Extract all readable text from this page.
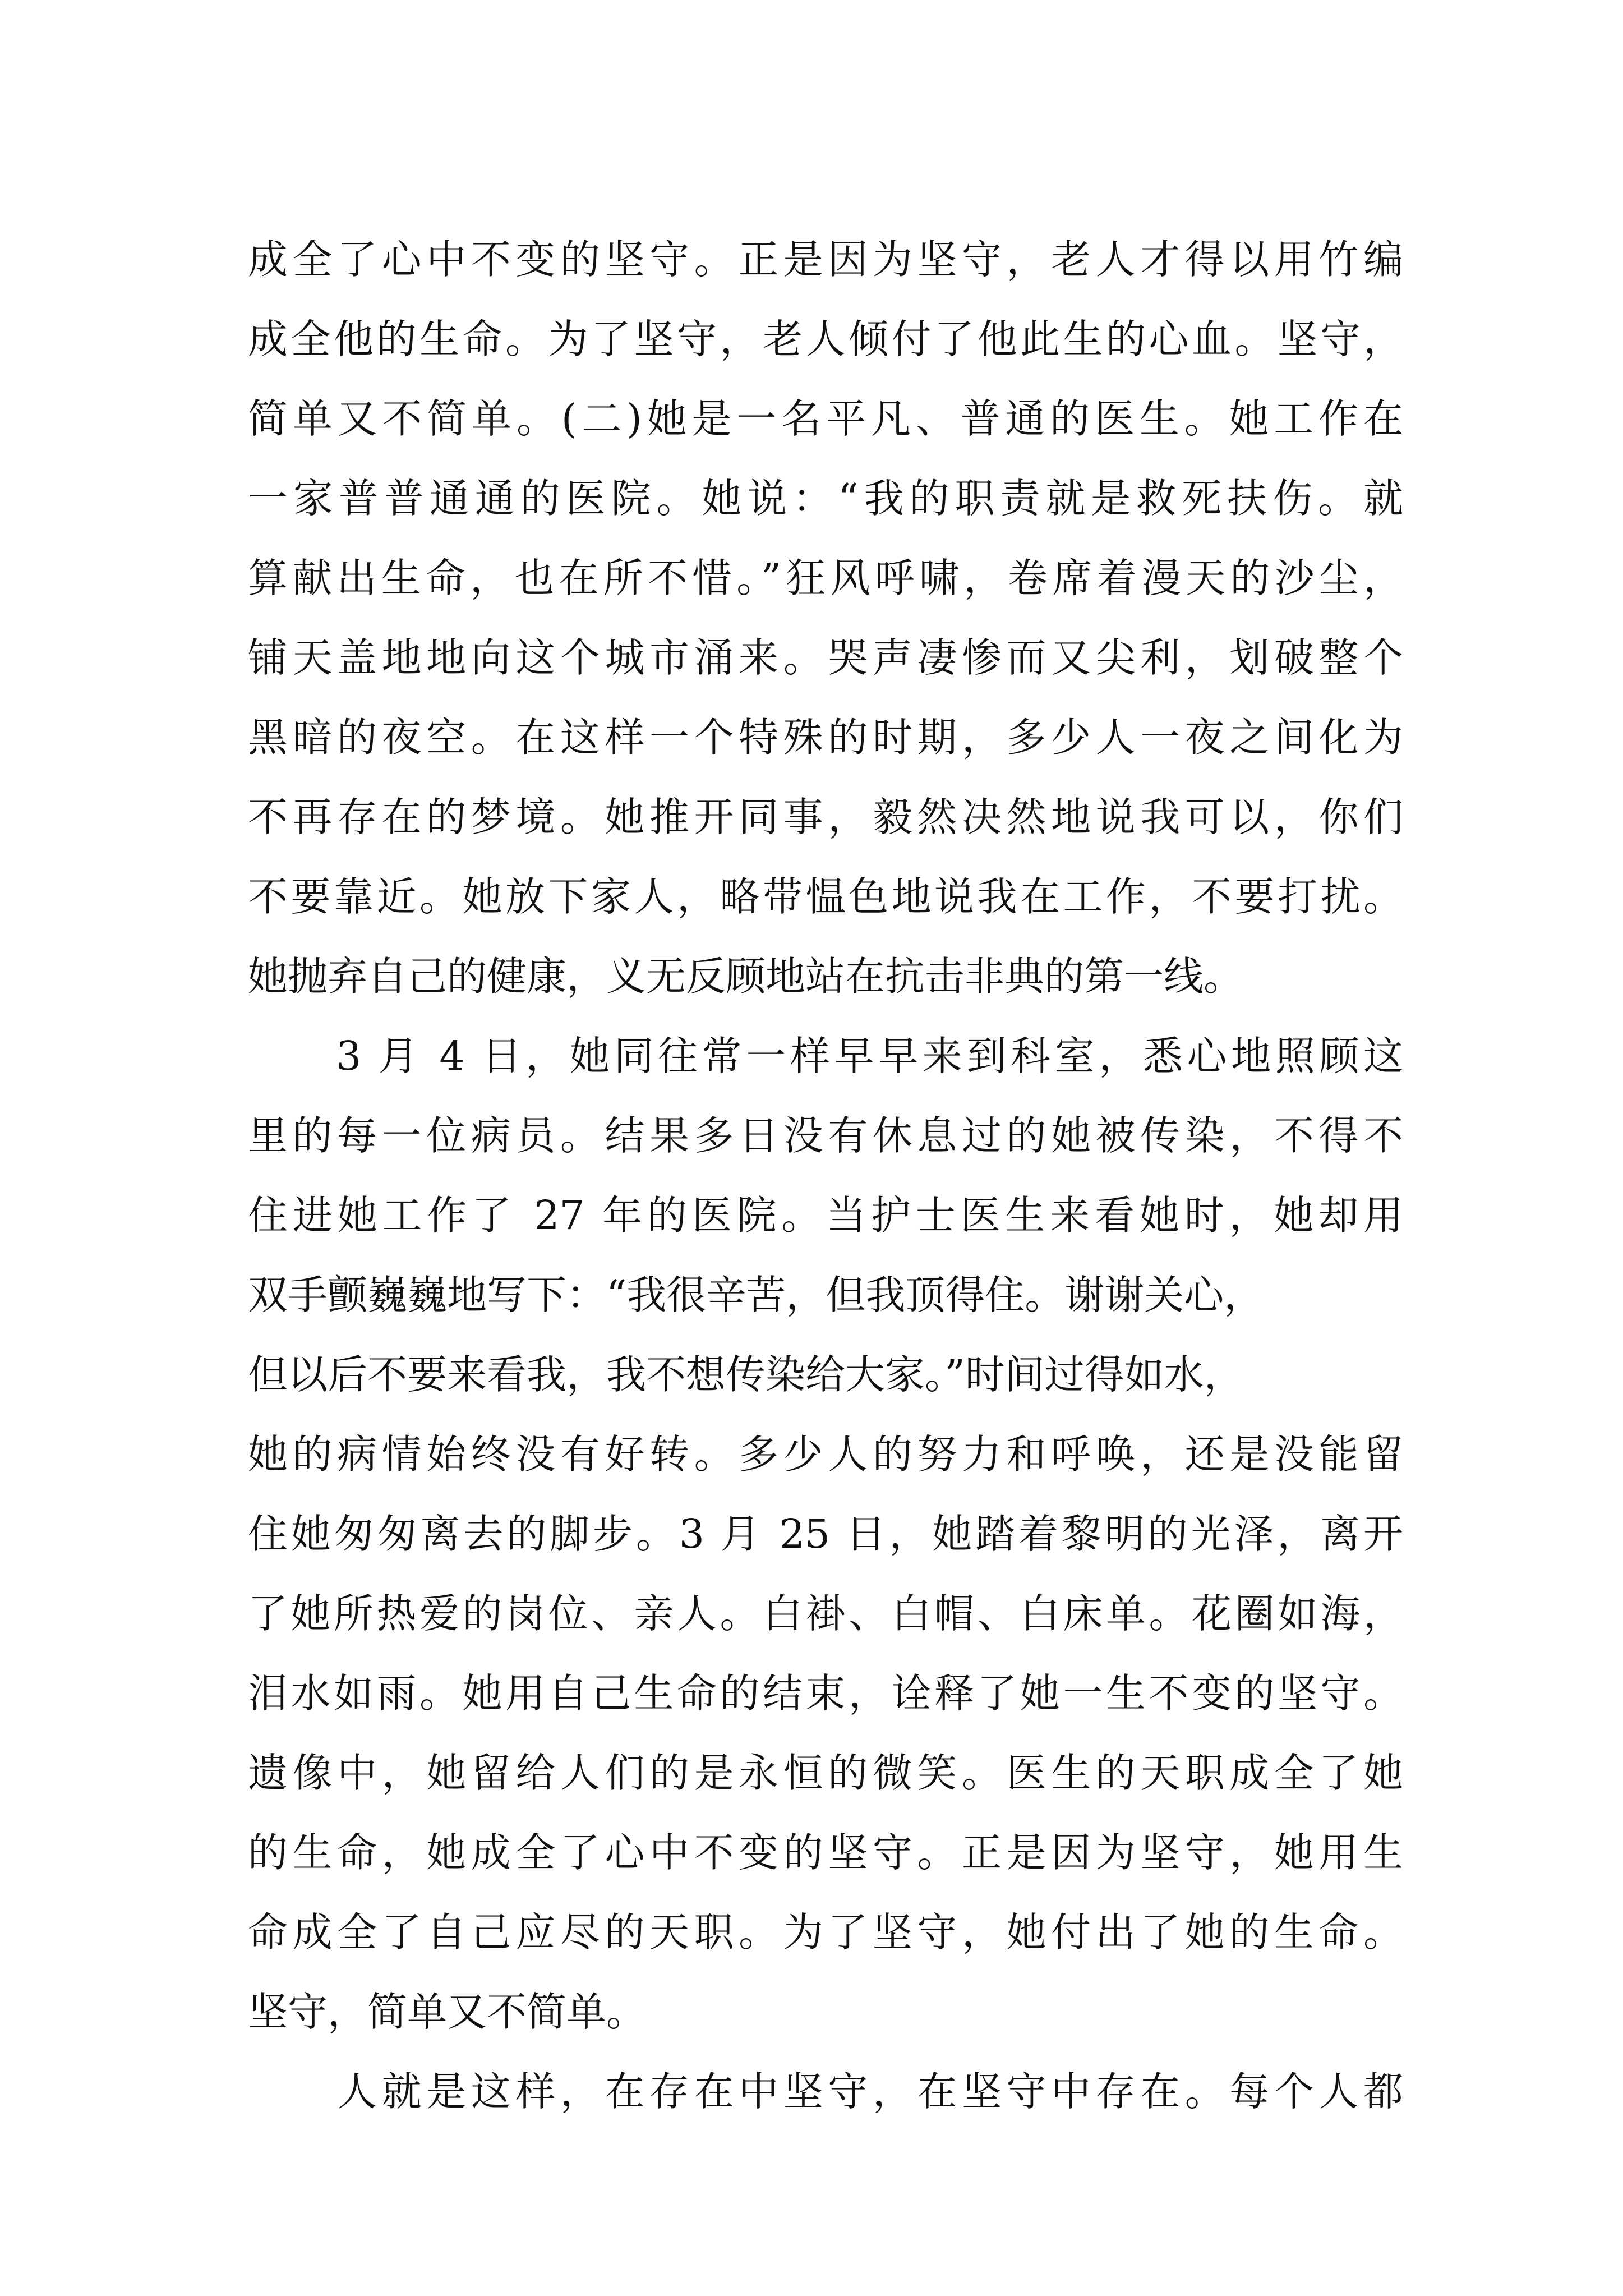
成全了心中不变的坚守。正是因为坚守，老人才得以用竹编
成全他的生命。为了坚守，老人倾付了他此生的心血。坚守，
简单又不简单。(二)她是一名平凡、普通的医生。她工作在
一家普普通通的医院。她说：“我的职责就是救死扶伤。就
算献出生命，也在所不惜。”狂风呼啸，卷席着漫天的沙尘，
铺天盖地地向这个城市涌来。哭声凄惨而又尖利，划破整个
黑暗的夜空。在这样一个特殊的时期，多少人一夜之间化为
不再存在的梦境。她推开同事，毅然决然地说我可以，你们
不要靠近。她放下家人，略带愠色地说我在工作，不要打扰。
她抛弃自己的健康，义无反顾地站在抗击非典的第一线。
　　3 月 4 日，她同往常一样早早来到科室，悉心地照顾这
里的每一位病员。结果多日没有休息过的她被传染，不得不
住进她工作了 27 年的医院。当护士医生来看她时，她却用
双手颤巍巍地写下：“我很辛苦，但我顶得住。谢谢关心，
但以后不要来看我，我不想传染给大家。”时间过得如水，
她的病情始终没有好转。多少人的努力和呼唤，还是没能留
住她匆匆离去的脚步。3 月 25 日，她踏着黎明的光泽，离开
了她所热爱的岗位、亲人。白褂、白帽、白床单。花圈如海，
泪水如雨。她用自己生命的结束，诠释了她一生不变的坚守。
遗像中，她留给人们的是永恒的微笑。医生的天职成全了她
的生命，她成全了心中不变的坚守。正是因为坚守，她用生
命成全了自己应尽的天职。为了坚守，她付出了她的生命。
坚守，简单又不简单。
　　人就是这样，在存在中坚守，在坚守中存在。每个人都
